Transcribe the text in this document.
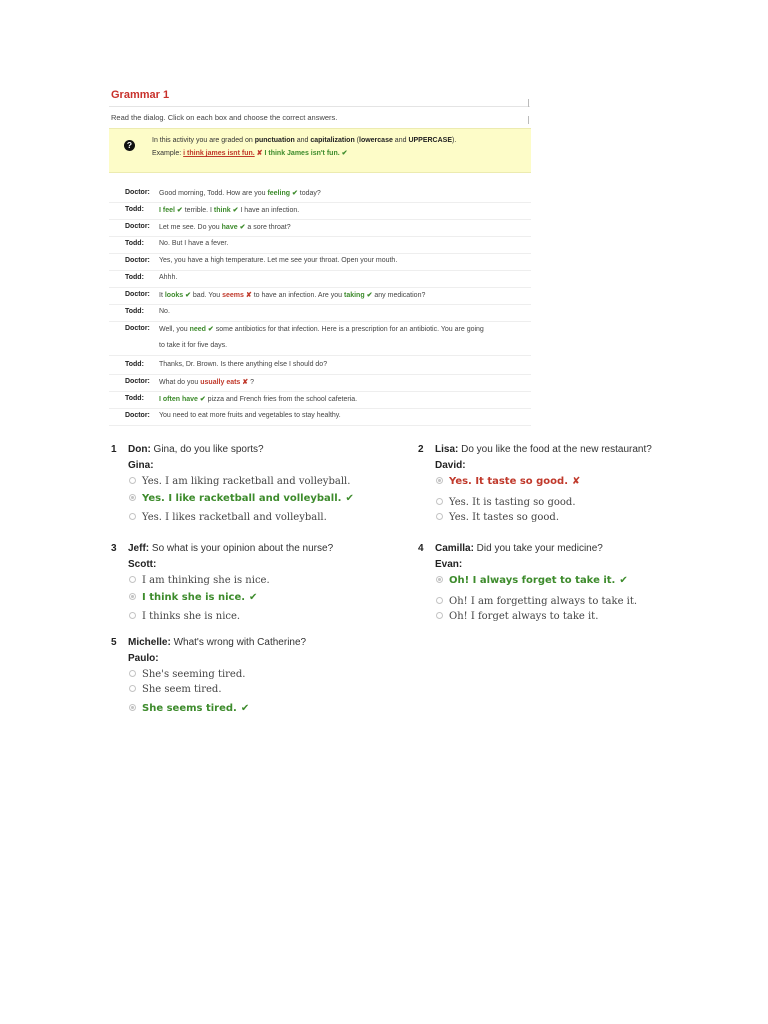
Grammar 1
Read the dialog. Click on each box and choose the correct answers.
?	In this activity you are graded on punctuation and capitalization (lowercase and UPPERCASE).
Example: i think james isnt fun. ✘ I think James isn't fun. ✔
Doctor: Good morning, Todd. How are you feeling ✔ today?
Todd: I feel ✔ terrible. I think ✔ I have an infection.
Doctor: Let me see. Do you have ✔ a sore throat?
Todd: No. But I have a fever.
Doctor: Yes, you have a high temperature. Let me see your throat. Open your mouth.
Todd: Ahhh.
Doctor: It looks ✔ bad. You seems ✘ to have an infection. Are you taking ✔ any medication?
Todd: No.
Doctor: Well, you need ✔ some antibiotics for that infection. Here is a prescription for an antibiotic. You are going
to take it for five days.
Todd: Thanks, Dr. Brown. Is there anything else I should do?
Doctor: What do you usually eats ✘ ?
Todd: I often have ✔ pizza and French fries from the school cafeteria.
Doctor: You need to eat more fruits and vegetables to stay healthy.
1 Don: Gina, do you like sports?
Gina:
Yes. I am liking racketball and volleyball.
Yes. I like racketball and volleyball. ✔
Yes. I likes racketball and volleyball.
2 Lisa: Do you like the food at the new restaurant?
David:
Yes. It taste so good. ✘
Yes. It is tasting so good.
Yes. It tastes so good.
3 Jeff: So what is your opinion about the nurse?
Scott:
I am thinking she is nice.
I think she is nice. ✔
I thinks she is nice.
4 Camilla: Did you take your medicine?
Evan:
Oh! I always forget to take it. ✔
Oh! I am forgetting always to take it.
Oh! I forget always to take it.
5 Michelle: What's wrong with Catherine?
Paulo:
She's seeming tired.
She seem tired.
She seems tired. ✔
